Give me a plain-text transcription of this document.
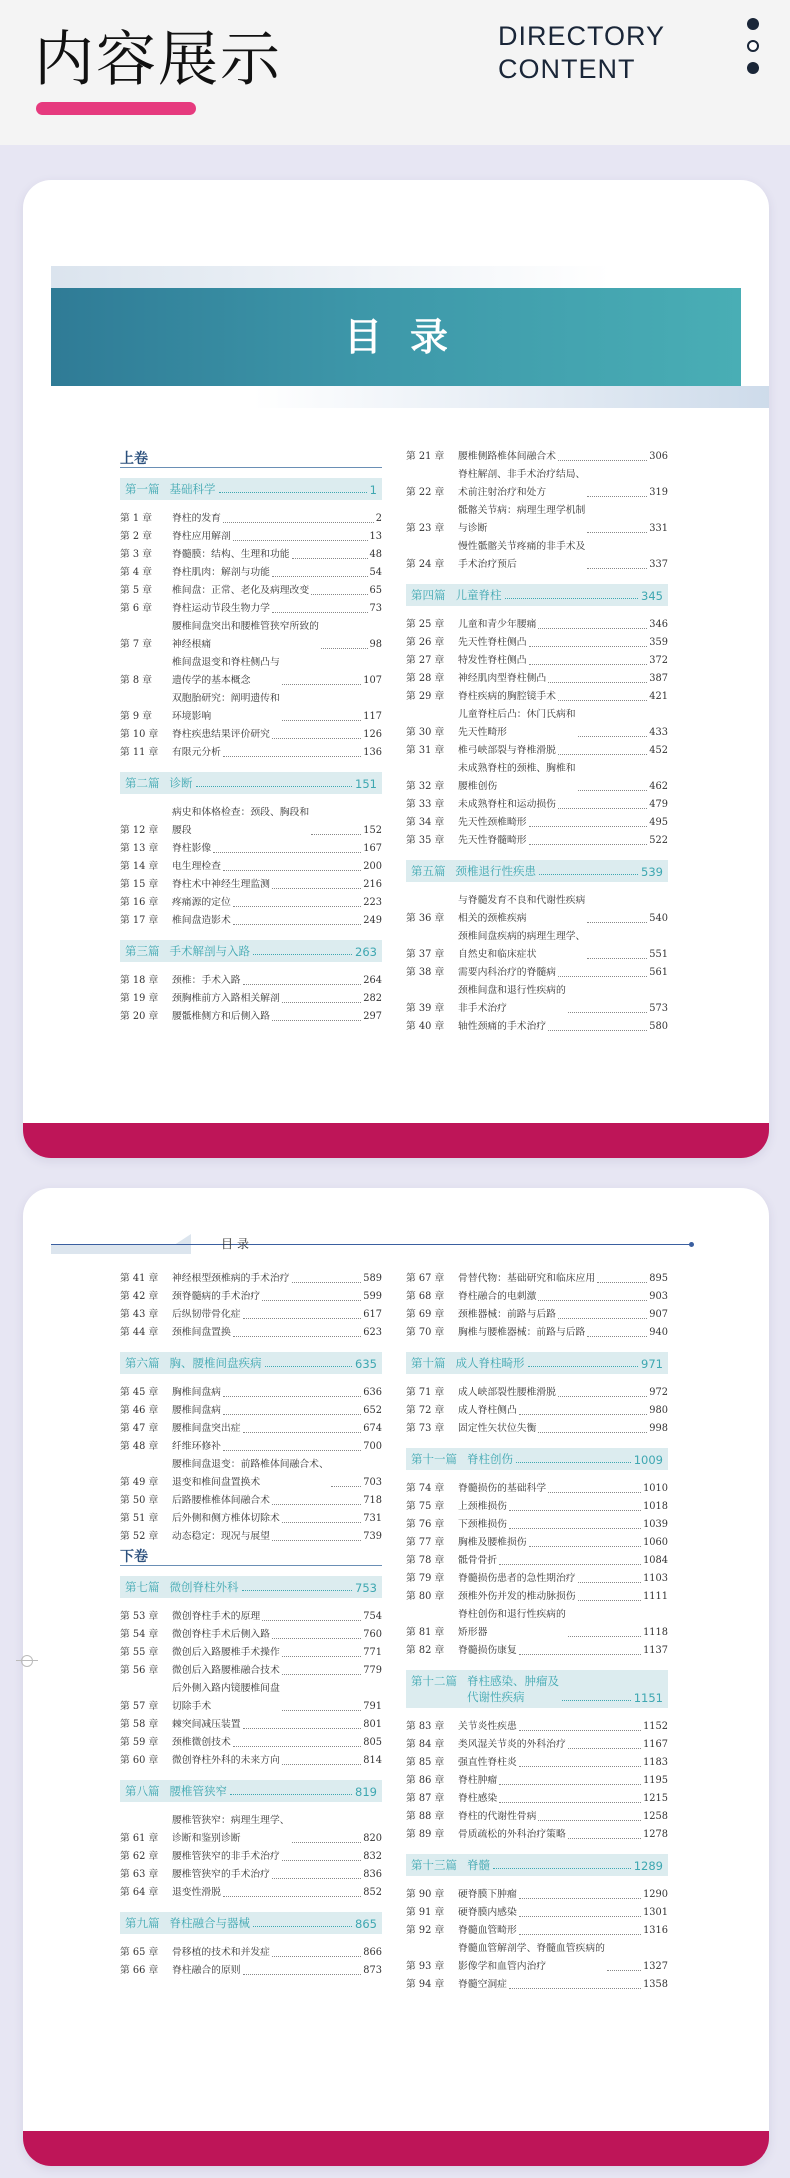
内容展示	DIRECTORY
CONTENT
目录
上卷
第一篇 基础科学	1
第 1 章	脊柱的发育	2
第 2 章	脊柱应用解剖	13
第 3 章	脊髓膜：结构、生理和功能	48
第 4 章	脊柱肌肉：解剖与功能	54
第 5 章	椎间盘：正常、老化及病理改变	65
第 6 章	脊柱运动节段生物力学	73
第 7 章
腰椎间盘突出和腰椎管狭窄所致的
神经根痛	98
第 8 章
椎间盘退变和脊柱侧凸与
遗传学的基本概念	107
第 9 章
双胞胎研究：阐明遗传和
环境影响	117
第 10 章	脊柱疾患结果评价研究	126
第 11 章	有限元分析	136
第二篇 诊断	151
第 12 章
病史和体格检查：颈段、胸段和
腰段	152
第 13 章	脊柱影像	167
第 14 章	电生理检查	200
第 15 章	脊柱术中神经生理监测	216
第 16 章	疼痛源的定位	223
第 17 章	椎间盘造影术	249
第三篇 手术解剖与入路	263
第 18 章	颈椎：手术入路	264
第 19 章	颈胸椎前方入路相关解剖	282
第 20 章	腰骶椎侧方和后侧入路	297
第 21 章	腰椎侧路椎体间融合术	306
第 22 章
脊柱解剖、非手术治疗结局、
术前注射治疗和处方	319
第 23 章
骶髂关节病：病理生理学机制
与诊断	331
第 24 章
慢性骶髂关节疼痛的非手术及
手术治疗预后	337
第四篇 儿童脊柱	345
第 25 章	儿童和青少年腰痛	346
第 26 章	先天性脊柱侧凸	359
第 27 章	特发性脊柱侧凸	372
第 28 章	神经肌肉型脊柱侧凸	387
第 29 章	脊柱疾病的胸腔镜手术	421
第 30 章
儿童脊柱后凸：休门氏病和
先天性畸形	433
第 31 章	椎弓峡部裂与脊椎滑脱	452
第 32 章
未成熟脊柱的颈椎、胸椎和
腰椎创伤	462
第 33 章	未成熟脊柱和运动损伤	479
第 34 章	先天性颈椎畸形	495
第 35 章	先天性脊髓畸形	522
第五篇 颈椎退行性疾患	539
第 36 章
与脊髓发育不良和代谢性疾病
相关的颈椎疾病	540
第 37 章
颈椎间盘疾病的病理生理学、
自然史和临床症状	551
第 38 章	需要内科治疗的脊髓病	561
第 39 章
颈椎间盘和退行性疾病的
非手术治疗	573
第 40 章	轴性颈痛的手术治疗	580
目录
第 41 章	神经根型颈椎病的手术治疗	589
第 42 章	颈脊髓病的手术治疗	599
第 43 章	后纵韧带骨化症	617
第 44 章	颈椎间盘置换	623
第六篇 胸、腰椎间盘疾病	635
第 45 章	胸椎间盘病	636
第 46 章	腰椎间盘病	652
第 47 章	腰椎间盘突出症	674
第 48 章	纤维环修补	700
第 49 章
腰椎间盘退变：前路椎体间融合术、
退变和椎间盘置换术	703
第 50 章	后路腰椎椎体间融合术	718
第 51 章	后外侧和侧方椎体切除术	731
第 52 章	动态稳定：现况与展望	739
下卷
第七篇 微创脊柱外科	753
第 53 章	微创脊柱手术的原理	754
第 54 章	微创脊柱手术后侧入路	760
第 55 章	微创后入路腰椎手术操作	771
第 56 章	微创后入路腰椎融合技术	779
第 57 章
后外侧入路内镜腰椎间盘
切除手术	791
第 58 章	棘突间减压装置	801
第 59 章	颈椎微创技术	805
第 60 章	微创脊柱外科的未来方向	814
第八篇 腰椎管狭窄	819
第 61 章
腰椎管狭窄：病理生理学、
诊断和鉴别诊断	820
第 62 章	腰椎管狭窄的非手术治疗	832
第 63 章	腰椎管狭窄的手术治疗	836
第 64 章	退变性滑脱	852
第九篇 脊柱融合与器械	865
第 65 章	骨移植的技术和并发症	866
第 66 章	脊柱融合的原则	873
第 67 章	骨替代物：基础研究和临床应用	895
第 68 章	脊柱融合的电刺激	903
第 69 章	颈椎器械：前路与后路	907
第 70 章	胸椎与腰椎器械：前路与后路	940
第十篇 成人脊柱畸形	971
第 71 章	成人峡部裂性腰椎滑脱	972
第 72 章	成人脊柱侧凸	980
第 73 章	固定性矢状位失衡	998
第十一篇 脊柱创伤	1009
第 74 章	脊髓损伤的基础科学	1010
第 75 章	上颈椎损伤	1018
第 76 章	下颈椎损伤	1039
第 77 章	胸椎及腰椎损伤	1060
第 78 章	骶骨骨折	1084
第 79 章	脊髓损伤患者的急性期治疗	1103
第 80 章	颈椎外伤并发的椎动脉损伤	1111
第 81 章
脊柱创伤和退行性疾病的
矫形器	1118
第 82 章	脊髓损伤康复	1137
第十二篇 脊柱感染、肿瘤及
代谢性疾病	1151
第 83 章	关节炎性疾患	1152
第 84 章	类风湿关节炎的外科治疗	1167
第 85 章	强直性脊柱炎	1183
第 86 章	脊柱肿瘤	1195
第 87 章	脊柱感染	1215
第 88 章	脊柱的代谢性骨病	1258
第 89 章	骨质疏松的外科治疗策略	1278
第十三篇 脊髓	1289
第 90 章	硬脊膜下肿瘤	1290
第 91 章	硬脊膜内感染	1301
第 92 章	脊髓血管畸形	1316
第 93 章
脊髓血管解剖学、脊髓血管疾病的
影像学和血管内治疗	1327
第 94 章	脊髓空洞症	1358
